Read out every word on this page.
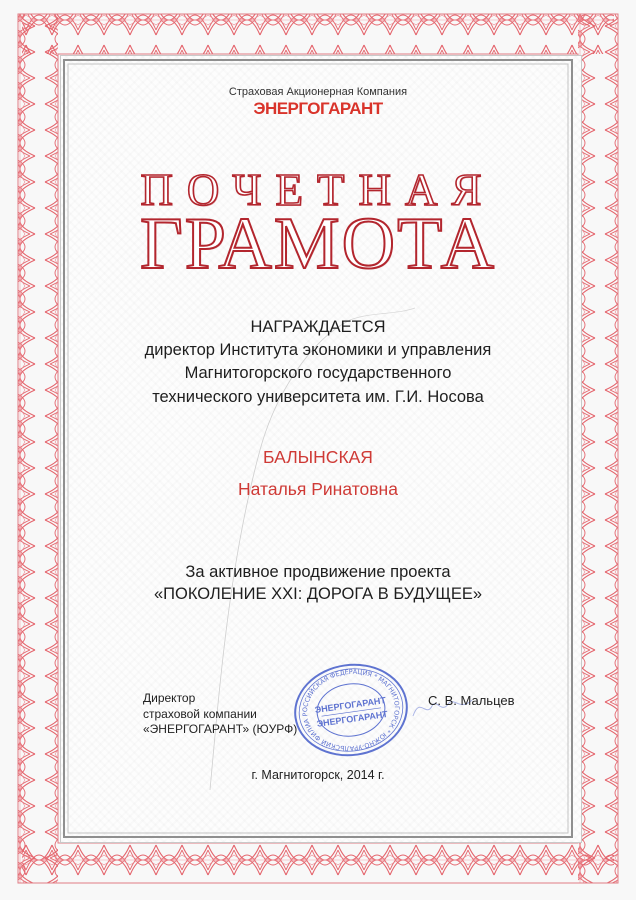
Страховая Акционерная Компания
ЭНЕРГОГАРАНТ
ПОЧЕТНАЯ
ГРАМОТА
НАГРАЖДАЕТСЯ
директор Института экономики и управления
Магнитогорского государственного
технического университета им. Г.И. Носова
БАЛЫНСКАЯ
Наталья Ринатовна
За активное продвижение проекта
«ПОКОЛЕНИЕ XXI: ДОРОГА В БУДУЩЕЕ»
Директор
страховой компании
«ЭНЕРГОГАРАНТ» (ЮУРФ)
С. В. Мальцев
РОССИЙСКАЯ ФЕДЕРАЦИЯ * МАГНИТОГОРСК * ЮЖНО-УРАЛЬСКИЙ ФИЛИАЛ
ЭНЕРГОГАРАНТ
ЭНЕРГОГАРАНТ
г. Магнитогорск, 2014 г.
